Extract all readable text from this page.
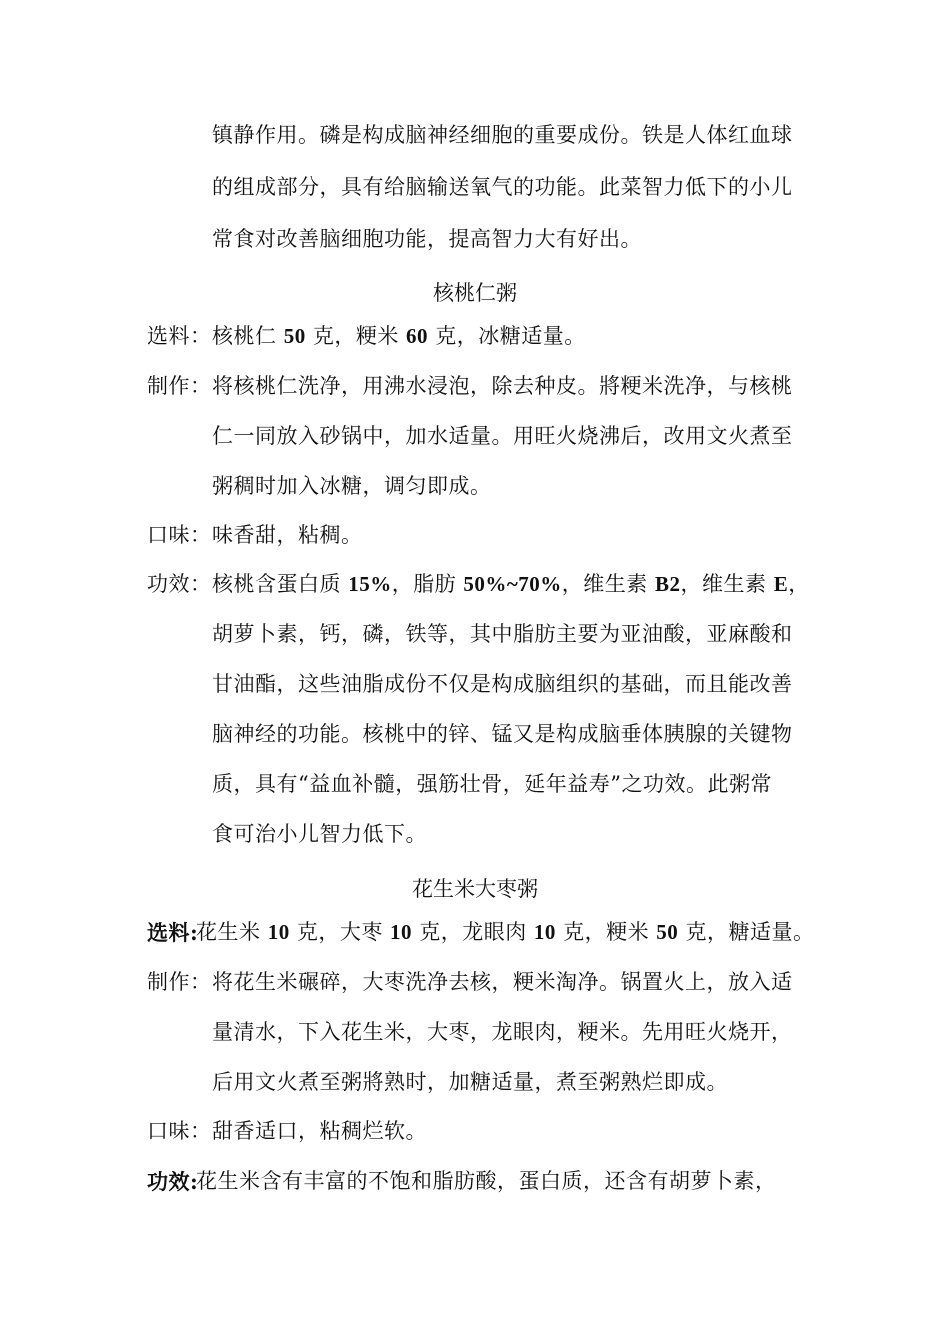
镇静作用。磷是构成脑神经细胞的重要成份。铁是人体红血球
的组成部分，具有给脑输送氧气的功能。此菜智力低下的小儿
常食对改善脑细胞功能，提高智力大有好出。
核桃仁粥
选料： 核桃仁 50 克，粳米 60 克，冰糖适量。
制作： 将核桃仁洗净，用沸水浸泡，除去种皮。將粳米洗净，与核桃
仁一同放入砂锅中，加水适量。用旺火烧沸后，改用文火煮至
粥稠时加入冰糖，调匀即成。
口味： 味香甜，粘稠。
功效： 核桃含蛋白质 15%，脂肪 50%~70%，维生素 B2，维生素 E，
胡萝卜素，钙，磷，铁等，其中脂肪主要为亚油酸，亚麻酸和
甘油酯，这些油脂成份不仅是构成脑组织的基础，而且能改善
脑神经的功能。核桃中的锌、锰又是构成脑垂体胰腺的关键物
质，具有“益血补髓，强筋壮骨，延年益寿”之功效。此粥常
食可治小儿智力低下。
花生米大枣粥
选料:
花生米 10 克，大枣 10 克，龙眼肉 10 克，粳米 50 克，糖适量。
制作： 将花生米碾碎，大枣洗净去核，粳米淘净。锅置火上，放入适
量清水，下入花生米，大枣，龙眼肉，粳米。先用旺火烧开，
后用文火煮至粥將熟时，加糖适量，煮至粥熟烂即成。
口味： 甜香适口，粘稠烂软。
功效:
花生米含有丰富的不饱和脂肪酸，蛋白质，还含有胡萝卜素，
